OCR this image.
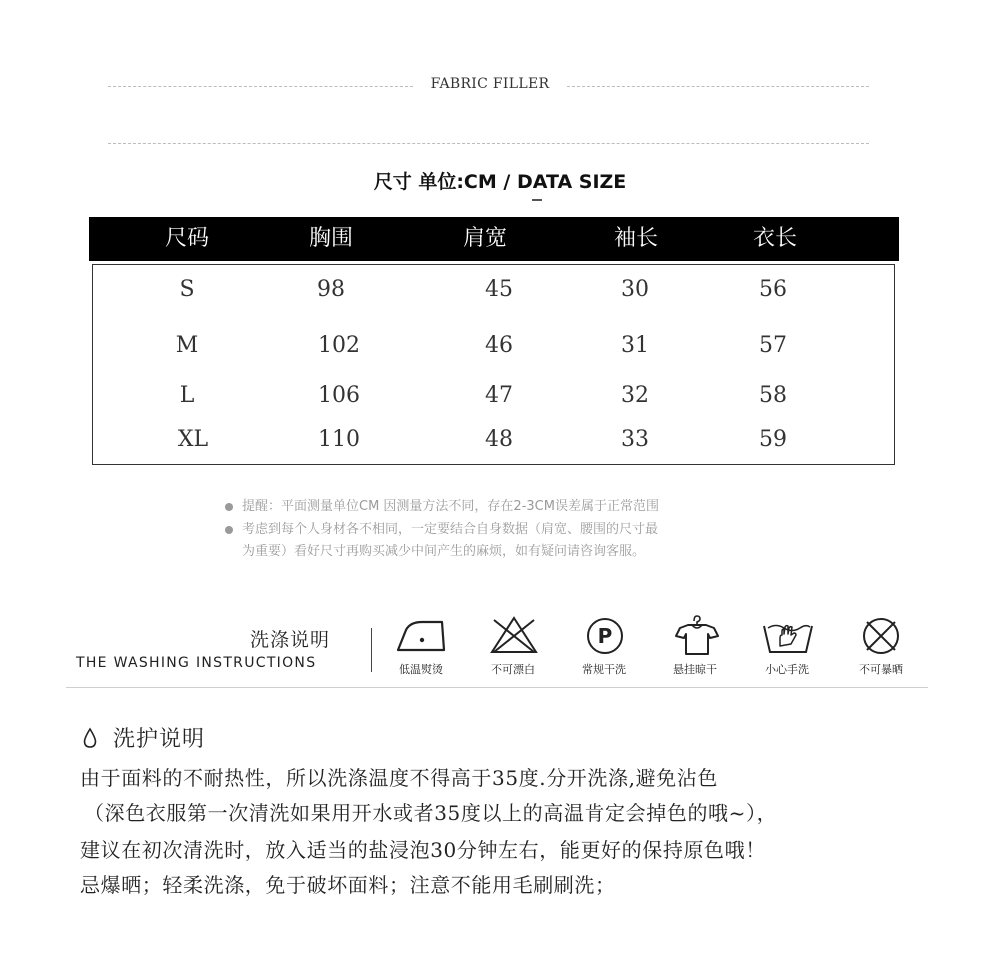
FABRIC FILLER
尺寸 单位:CM / DATA SIZE
尺码	胸围	肩宽	袖长	衣长
S	98	45	30	56
M	102	46	31	57
L	106	47	32	58
XL	110	48	33	59
提醒：平面测量单位CM 因测量方法不同，存在2-3CM误差属于正常范围
考虑到每个人身材各不相同，一定要结合自身数据（肩宽、腰围的尺寸最
为重要）看好尺寸再购买减少中间产生的麻烦，如有疑问请咨询客服。
洗涤说明
THE WASHING INSTRUCTIONS	低温熨烫	不可漂白
P
常规干洗	悬挂晾干	小心手洗	不可暴晒
洗护说明
由于面料的不耐热性，所以洗涤温度不得高于35度.分开洗涤,避免沾色
（深色衣服第一次清洗如果用开水或者35度以上的高温肯定会掉色的哦~），
建议在初次清洗时，放入适当的盐浸泡30分钟左右，能更好的保持原色哦！
忌爆晒；轻柔洗涤，免于破坏面料；注意不能用毛刷刷洗；
